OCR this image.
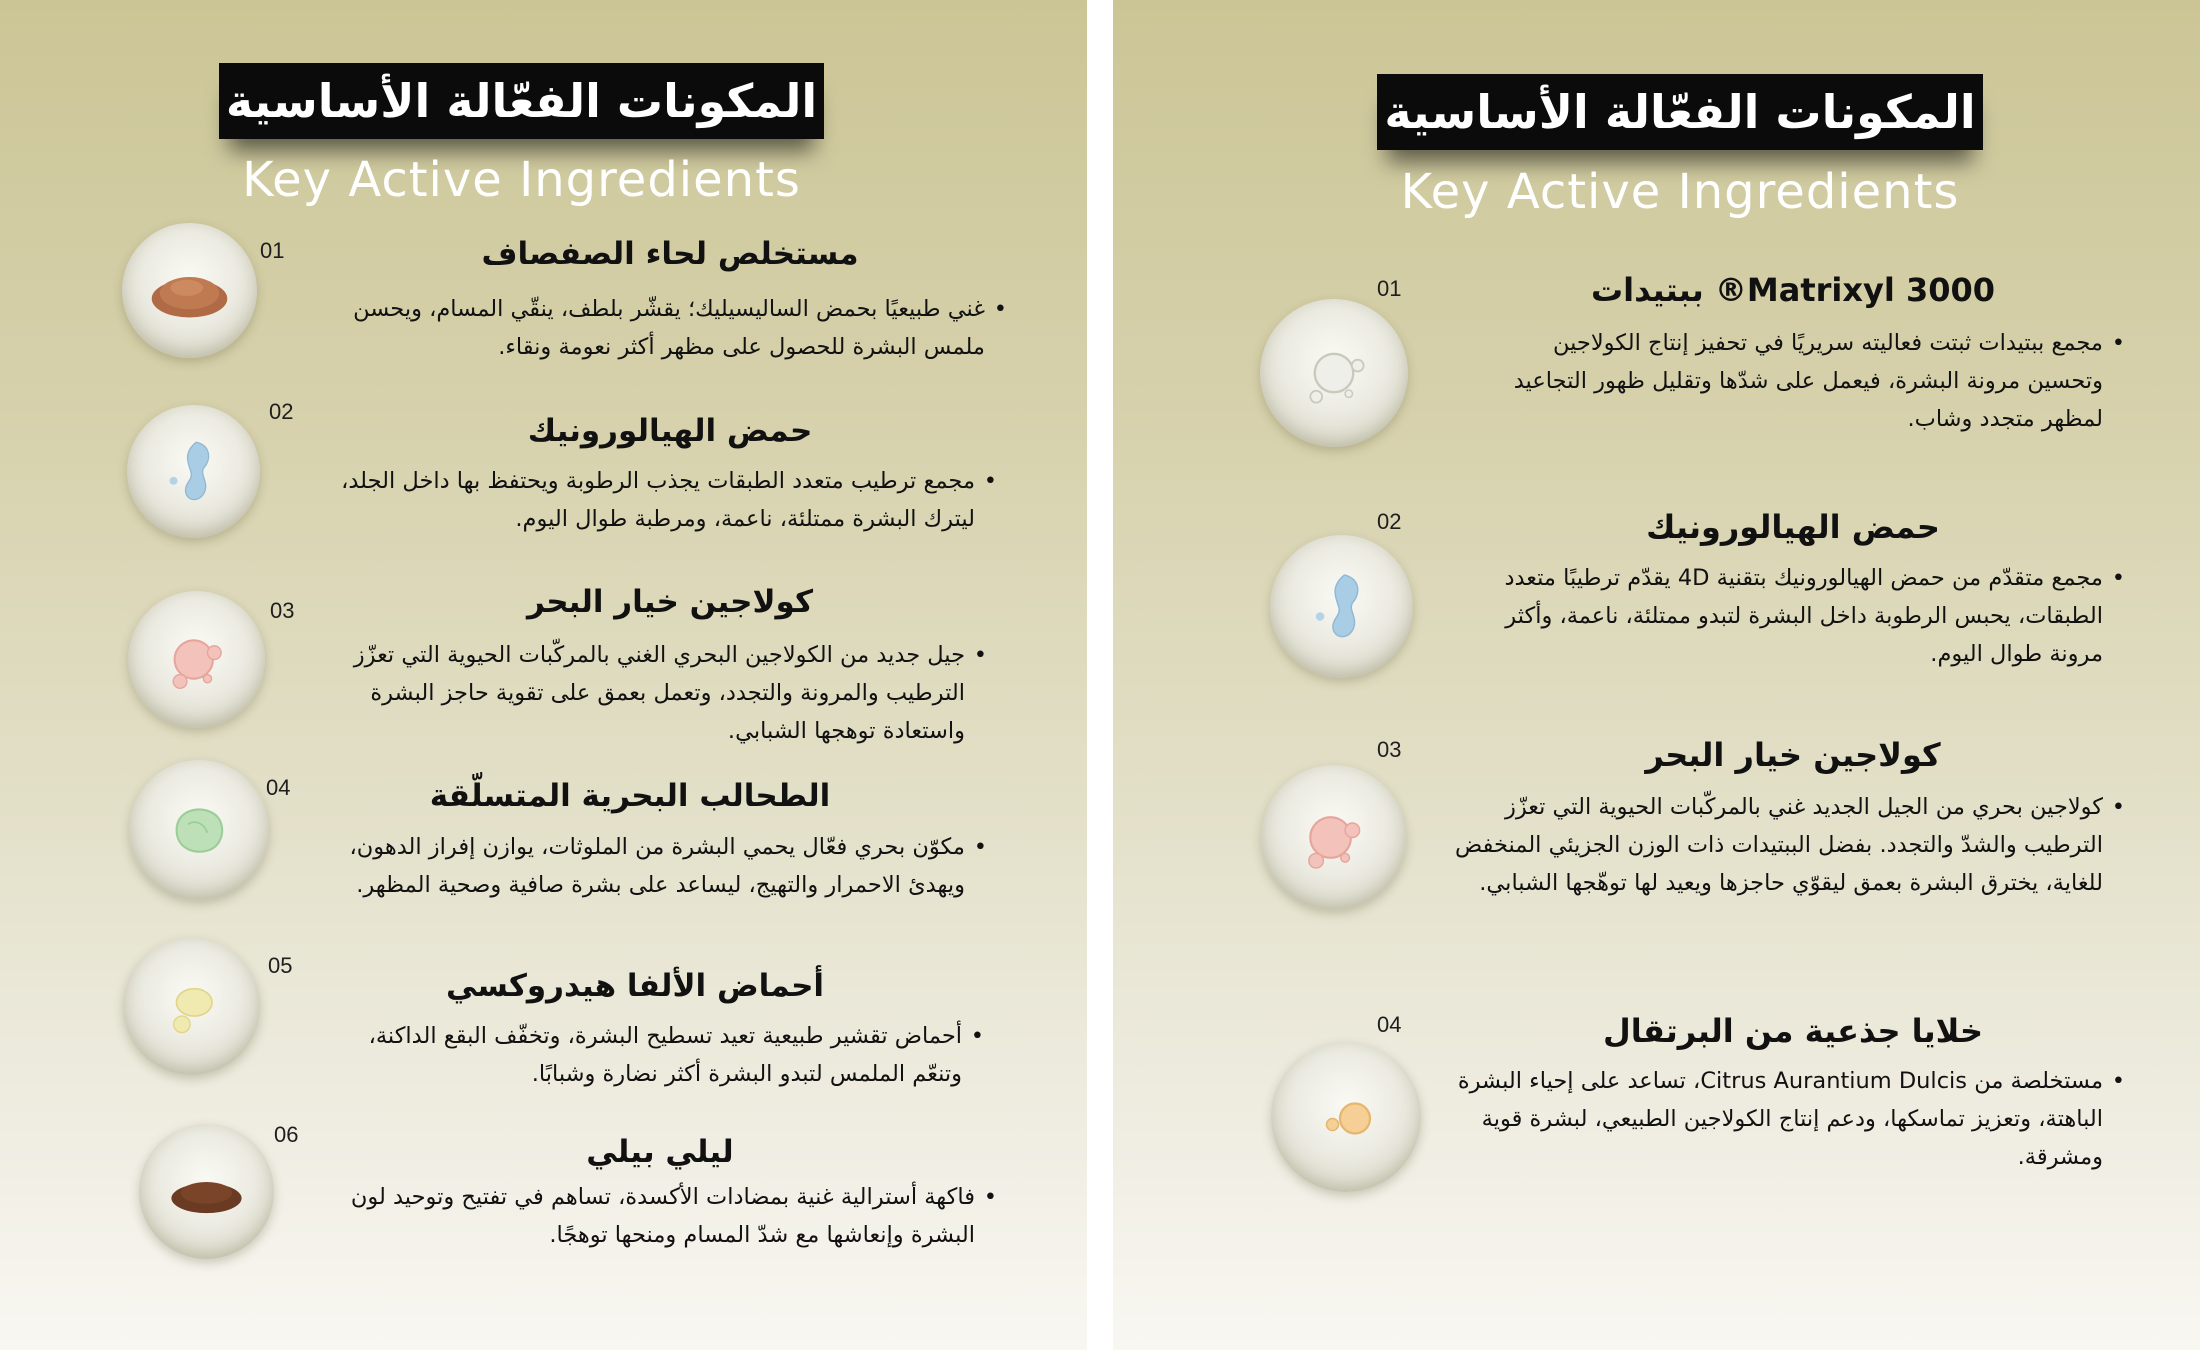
المكونات الفعّالة الأساسية
Key Active Ingredients
01	مستخلص لحاء الصفصاف
• غني طبيعيًا بحمض الساليسيليك؛ يقشّر بلطف، ينقّي المسام، ويحسن ملمس البشرة للحصول على مظهر أكثر نعومة ونقاء.
02
حمض الهيالورونيك
• مجمع ترطيب متعدد الطبقات يجذب الرطوبة ويحتفظ بها داخل الجلد، ليترك البشرة ممتلئة، ناعمة، ومرطبة طوال اليوم.
03	كولاجين خيار البحر
• جيل جديد من الكولاجين البحري الغني بالمركّبات الحيوية التي تعزّز الترطيب والمرونة والتجدد، وتعمل بعمق على تقوية حاجز البشرة واستعادة توهجها الشبابي.
04	الطحالب البحرية المتسلّقة
• مكوّن بحري فعّال يحمي البشرة من الملوثات، يوازن إفراز الدهون، ويهدئ الاحمرار والتهيج، ليساعد على بشرة صافية وصحية المظهر.
05
أحماض الألفا هيدروكسي
• أحماض تقشير طبيعية تعيد تسطيح البشرة، وتخفّف البقع الداكنة، وتنعّم الملمس لتبدو البشرة أكثر نضارة وشبابًا.
06	ليلي بيلي
• فاكهة أسترالية غنية بمضادات الأكسدة، تساهم في تفتيح وتوحيد لون البشرة وإنعاشها مع شدّ المسام ومنحها توهجًا.
المكونات الفعّالة الأساسية
Key Active Ingredients
01	ببتيدات ®Matrixyl 3000
• مجمع ببتيدات ثبتت فعاليته سريريًا في تحفيز إنتاج الكولاجين وتحسين مرونة البشرة، فيعمل على شدّها وتقليل ظهور التجاعيد لمظهر متجدد وشاب.
02	حمض الهيالورونيك
• مجمع متقدّم من حمض الهيالورونيك بتقنية 4D يقدّم ترطيبًا متعدد الطبقات، يحبس الرطوبة داخل البشرة لتبدو ممتلئة، ناعمة، وأكثر مرونة طوال اليوم.
03	كولاجين خيار البحر
• كولاجين بحري من الجيل الجديد غني بالمركّبات الحيوية التي تعزّز الترطيب والشدّ والتجدد. بفضل الببتيدات ذات الوزن الجزيئي المنخفض للغاية، يخترق البشرة بعمق ليقوّي حاجزها ويعيد لها توهّجها الشبابي.
04	خلايا جذعية من البرتقال
• مستخلصة من Citrus Aurantium Dulcis، تساعد على إحياء البشرة الباهتة، وتعزيز تماسكها، ودعم إنتاج الكولاجين الطبيعي، لبشرة قوية ومشرقة.
